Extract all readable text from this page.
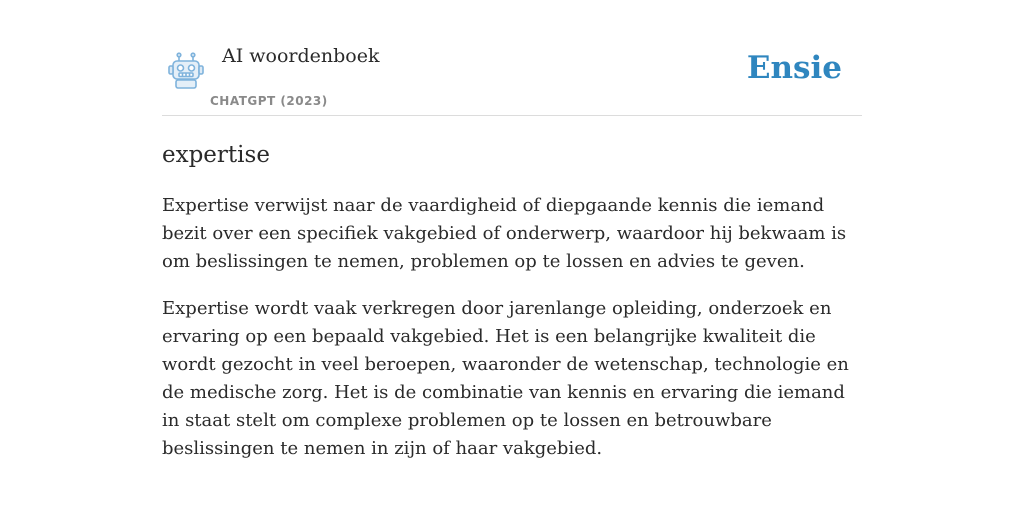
AI woordenboek
CHATGPT (2023)
Ensie
expertise

Expertise verwijst naar de vaardigheid of diepgaande kennis die iemand bezit over een specifiek vakgebied of onderwerp, waardoor hij bekwaam is om beslissingen te nemen, problemen op te lossen en advies te geven.

Expertise wordt vaak verkregen door jarenlange opleiding, onderzoek en ervaring op een bepaald vakgebied. Het is een belangrijke kwaliteit die wordt gezocht in veel beroepen, waaronder de wetenschap, technologie en de medische zorg. Het is de combinatie van kennis en ervaring die iemand in staat stelt om complexe problemen op te lossen en betrouwbare beslissingen te nemen in zijn of haar vakgebied.
